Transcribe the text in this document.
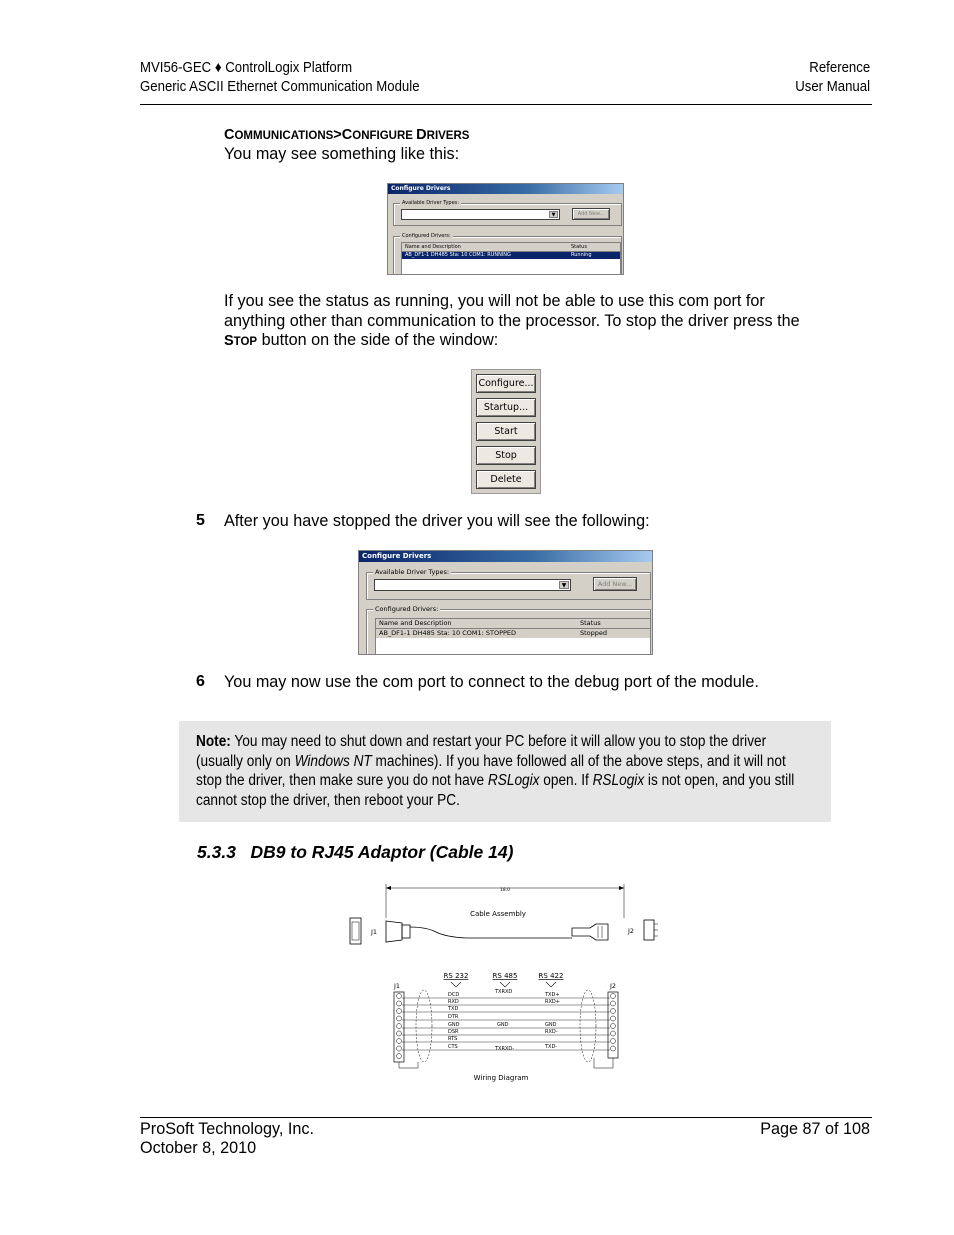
MVI56-GEC ♦ ControlLogix Platform
Generic ASCII Ethernet Communication Module
Reference
User Manual
COMMUNICATIONS>CONFIGURE DRIVERS
You may see something like this:
Configure Drivers
Available Driver Types:
▼	Add New...
Configured Drivers:
Name and Description	Status
AB_DF1-1 DH485 Sta: 10 COM1: RUNNING	Running
If you see the status as running, you will not be able to use this com port for anything other than communication to the processor. To stop the driver press the STOP button on the side of the window:
Configure...
Startup...
Start
Stop
Delete
5 After you have stopped the driver you will see the following:
Configure Drivers
Available Driver Types:
▼	Add New...
Configured Drivers:
Name and Description	Status
AB_DF1-1 DH485 Sta: 10 COM1: STOPPED	Stopped
6 You may now use the com port to connect to the debug port of the module.
Note: You may need to shut down and restart your PC before it will allow you to stop the driver (usually only on Windows NT machines). If you have followed all of the above steps, and it will not stop the driver, then make sure you do not have RSLogix open. If RSLogix is not open, and you still cannot stop the driver, then reboot your PC.
5.3.3 DB9 to RJ45 Adaptor (Cable 14)
18.0
Cable Assembly
J1	J2
RS 232	RS 485	RS 422
J1	J2
DCD
RXD
TXD
DTR
GND
DSR
RTS
CTS
TXRXD	TXD+
RXD+
GND	GND
RXD-
TXRXD-	TXD-
Wiring Diagram
ProSoft Technology, Inc.
October 8, 2010
Page 87 of 108
